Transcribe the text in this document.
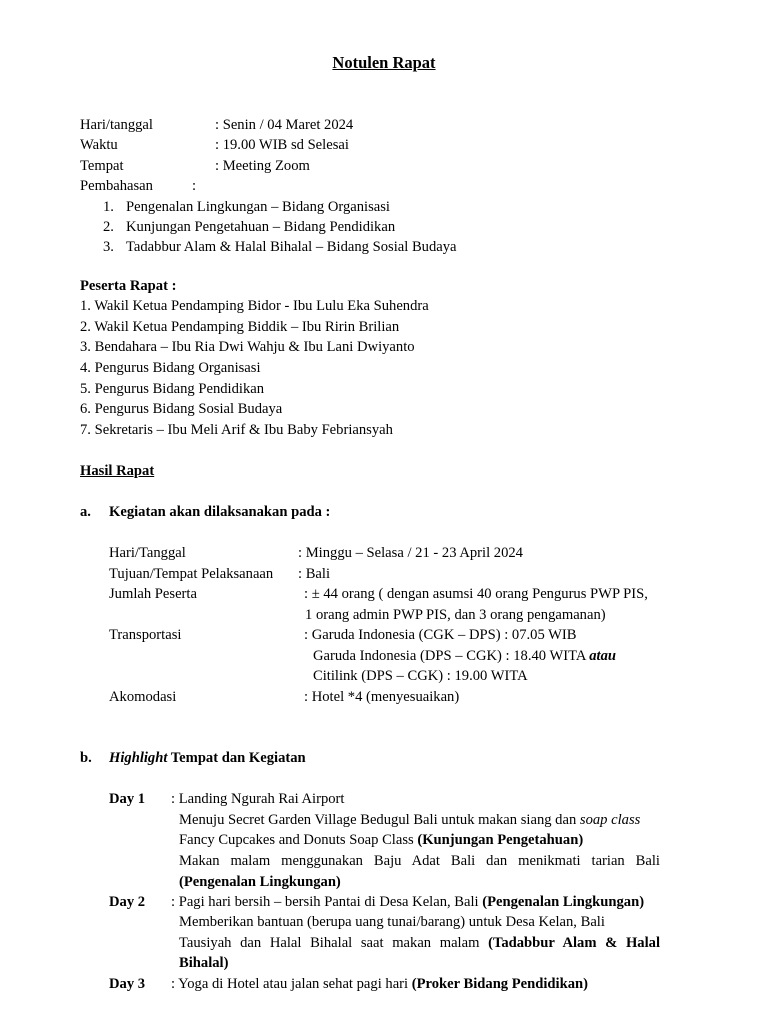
Notulen Rapat
Hari/tanggal	: Senin / 04 Maret 2024
Waktu	: 19.00 WIB sd Selesai
Tempat	: Meeting Zoom
Pembahasan	:
1. Pengenalan Lingkungan – Bidang Organisasi
2. Kunjungan Pengetahuan – Bidang Pendidikan
3. Tadabbur Alam & Halal Bihalal – Bidang Sosial Budaya
Peserta Rapat :
1. Wakil Ketua Pendamping Bidor - Ibu Lulu Eka Suhendra
2. Wakil Ketua Pendamping Biddik – Ibu Ririn Brilian
3. Bendahara – Ibu Ria Dwi Wahju & Ibu Lani Dwiyanto
4. Pengurus Bidang Organisasi
5. Pengurus Bidang Pendidikan
6. Pengurus Bidang Sosial Budaya
7. Sekretaris – Ibu Meli Arif & Ibu Baby Febriansyah
Hasil Rapat
a. Kegiatan akan dilaksanakan pada :
Hari/Tanggal	: Minggu – Selasa / 21 - 23 April 2024
Tujuan/Tempat Pelaksanaan : Bali
Jumlah Peserta	: ± 44 orang ( dengan asumsi 40 orang Pengurus PWP PIS,
1 orang admin PWP PIS, dan 3 orang pengamanan)
Transportasi	: Garuda Indonesia (CGK – DPS) : 07.05 WIB
Garuda Indonesia (DPS – CGK) : 18.40 WITA atau
Citilink (DPS – CGK) : 19.00 WITA
Akomodasi	: Hotel *4 (menyesuaikan)
b. Highlight Tempat dan Kegiatan
Day 1 : Landing Ngurah Rai Airport
Menuju Secret Garden Village Bedugul Bali untuk makan siang dan soap class
Fancy Cupcakes and Donuts Soap Class (Kunjungan Pengetahuan)
Makan malam menggunakan Baju Adat Bali dan menikmati tarian Bali
(Pengenalan Lingkungan)
Day 2 : Pagi hari bersih – bersih Pantai di Desa Kelan, Bali (Pengenalan Lingkungan)
Memberikan bantuan (berupa uang tunai/barang) untuk Desa Kelan, Bali
Tausiyah dan Halal Bihalal saat makan malam (Tadabbur Alam & Halal
Bihalal)
Day 3 : Yoga di Hotel atau jalan sehat pagi hari (Proker Bidang Pendidikan)
